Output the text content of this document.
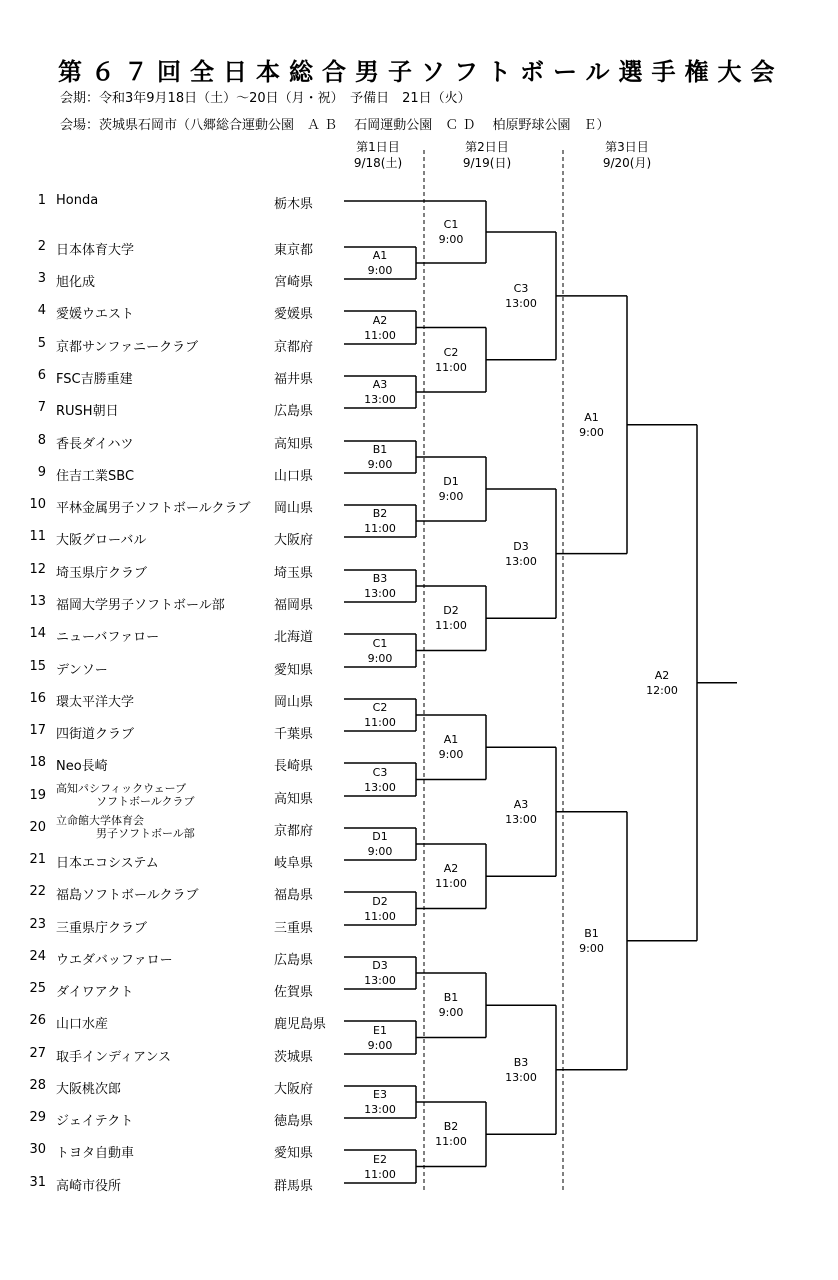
第６７回全日本総合男子ソフトボール選手権大会
会期：令和3年9月18日（土）～20日（月・祝）　予備日　21日（火）
会場：茨城県石岡市（八郷総合運動公園　Ａ Ｂ　 石岡運動公園　Ｃ Ｄ　 柏原野球公園　Ｅ）
第1日目
9/18(土)
第2日目
9/19(日)
第3日目
9/20(月)
1 Honda	栃木県
2 日本体育大学	東京都
3 旭化成	宮崎県
4 愛媛ウエスト	愛媛県
5 京都サンファニークラブ	京都府
6 FSC吉勝重建	福井県
7 RUSH朝日	広島県
8 香長ダイハツ	高知県
9 住吉工業SBC	山口県
10 平林金属男子ソフトボールクラブ 岡山県
11 大阪グローバル	大阪府
12 埼玉県庁クラブ	埼玉県
13 福岡大学男子ソフトボール部	福岡県
14 ニューバファロー	北海道
15 デンソー	愛知県
16 環太平洋大学	岡山県
17 四街道クラブ	千葉県
18 Neo長崎	長崎県
19 高知パシフィックウェーブ
ソフトボールクラブ	高知県
20 立命館大学体育会
男子ソフトボール部	京都府
21 日本エコシステム	岐阜県
22 福島ソフトボールクラブ	福島県
23 三重県庁クラブ	三重県
24 ウエダバッファロー	広島県
25 ダイワアクト	佐賀県
26 山口水産	鹿児島県
27 取手インディアンス	茨城県
28 大阪桃次郎	大阪府
29 ジェイテクト	徳島県
30 トヨタ自動車	愛知県
31 高崎市役所	群馬県
A1
9:00
A2
11:00
A3
13:00
B1
9:00
B2
11:00
B3
13:00
C1
9:00
C2
11:00
C3
13:00
D1
9:00
D2
11:00
D3
13:00
E1
9:00
E3
13:00
E2
11:00
C1
9:00
C2
11:00
D1
9:00
D2
11:00
A1
9:00
A2
11:00
B1
9:00
B2
11:00
C3
13:00
D3
13:00
A3
13:00
B3
13:00
A1
9:00
B1
9:00
A2
12:00
